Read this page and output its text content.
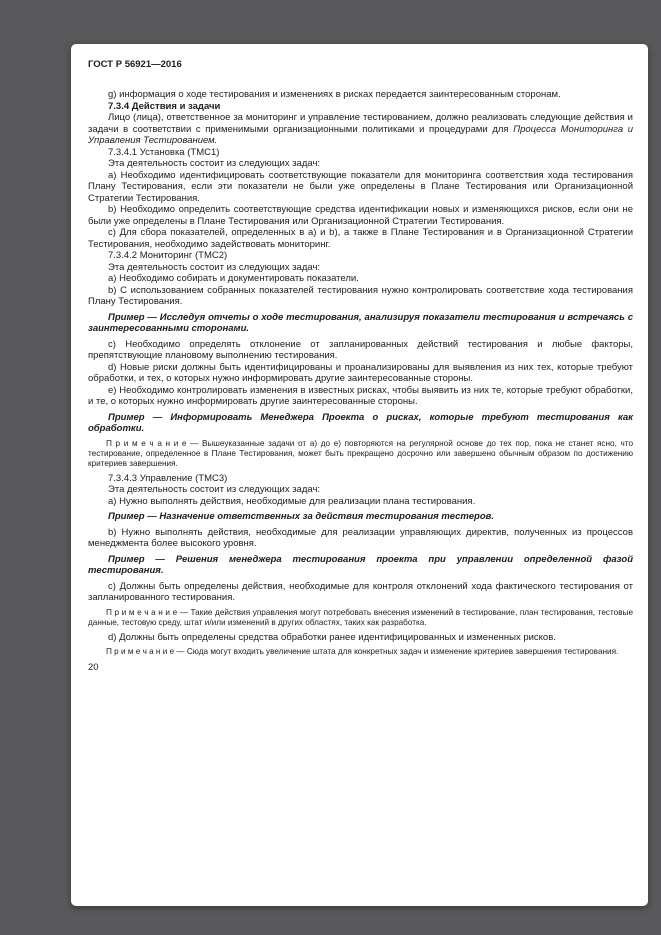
ГОСТ Р 56921—2016

g) информация о ходе тестирования и изменениях в рисках передается заинтересованным сторонам.

7.3.4 Действия и задачи

Лицо (лица), ответственное за мониторинг и управление тестированием, должно реализовать следующие действия и задачи в соответствии с применимыми организационными политиками и процедурами для Процесса Мониторинга и Управления Тестированием.

7.3.4.1 Установка (ТМС1)

Эта деятельность состоит из следующих задач:

a) Необходимо идентифицировать соответствующие показатели для мониторинга соответствия хода тестирования Плану Тестирования, если эти показатели не были уже определены в Плане Тестирования или Организационной Стратегии Тестирования.

b) Необходимо определить соответствующие средства идентификации новых и изменяющихся рисков, если они не были уже определены в Плане Тестирования или Организационной Стратегии Тестирования.

c) Для сбора показателей, определенных в a) и b), а также в Плане Тестирования и в Организационной Стратегии Тестирования, необходимо задействовать мониторинг.

7.3.4.2 Мониторинг (ТМС2)

Эта деятельность состоит из следующих задач:

a) Необходимо собирать и документировать показатели.

b) С использованием собранных показателей тестирования нужно контролировать соответствие хода тестирования Плану Тестирования.

Пример — Исследуя отчеты о ходе тестирования, анализируя показатели тестирования и встречаясь с заинтересованными сторонами.

c) Необходимо определять отклонение от запланированных действий тестирования и любые факторы, препятствующие плановому выполнению тестирования.

d) Новые риски должны быть идентифицированы и проанализированы для выявления из них тех, которые требуют обработки, и тех, о которых нужно информировать другие заинтересованные стороны.

e) Необходимо контролировать изменения в известных рисках, чтобы выявить из них те, которые требуют обработки, и те, о которых нужно информировать другие заинтересованные стороны.

Пример — Информировать Менеджера Проекта о рисках, которые требуют тестирования как обработки.

П р и м е ч а н и е — Вышеуказанные задачи от a) до e) повторяются на регулярной основе до тех пор, пока не станет ясно, что тестирование, определенное в Плане Тестирования, может быть прекращено досрочно или завершено обычным образом по достижению критериев завершения.

7.3.4.3 Управление (ТМС3)

Эта деятельность состоит из следующих задач:

a) Нужно выполнять действия, необходимые для реализации плана тестирования.

Пример — Назначение ответственных за действия тестирования тестеров.

b) Нужно выполнять действия, необходимые для реализации управляющих директив, полученных из процессов менеджмента более высокого уровня.

Пример — Решения менеджера тестирования проекта при управлении определенной фазой тестирования.

c) Должны быть определены действия, необходимые для контроля отклонений хода фактического тестирования от запланированного тестирования.

П р и м е ч а н и е — Такие действия управления могут потребовать внесения изменений в тестирование, план тестирования, тестовые данные, тестовую среду, штат и/или изменений в других областях, таких как разработка.

d) Должны быть определены средства обработки ранее идентифицированных и измененных рисков.

П р и м е ч а н и е — Сюда могут входить увеличение штата для конкретных задач и изменение критериев завершения тестирования.

20
